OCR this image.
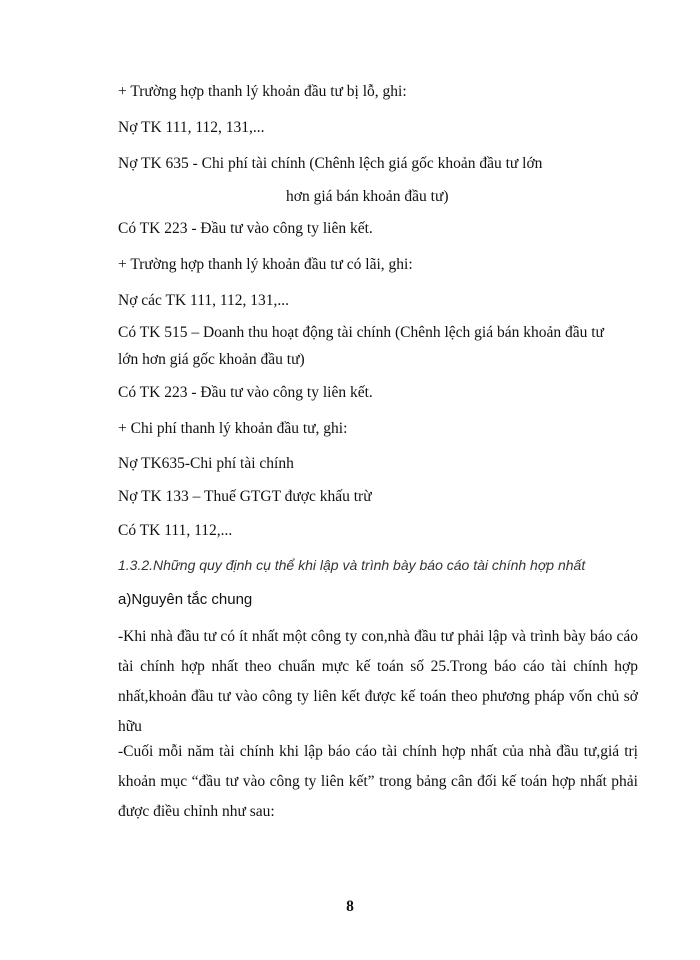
+ Trường hợp thanh lý khoản đầu tư bị lỗ, ghi:
Nợ TK 111, 112, 131,...
Nợ TK 635 - Chi phí tài chính (Chênh lệch giá gốc khoản đầu tư lớn
hơn giá bán khoản đầu tư)
Có TK 223 - Đầu tư vào công ty liên kết.
+ Trường hợp thanh lý khoản đầu tư có lãi, ghi:
Nợ các TK 111, 112, 131,...
Có TK 515 – Doanh thu hoạt động tài chính (Chênh lệch giá bán khoản đầu tư
lớn hơn giá gốc khoản đầu tư)
Có TK 223 - Đầu tư vào công ty liên kết.
+ Chi phí thanh lý khoản đầu tư, ghi:
Nợ TK635-Chi phí tài chính
Nợ TK 133 – Thuế GTGT được khấu trừ
Có TK 111, 112,...
1.3.2.Những quy định cụ thể khi lập và trình bày báo cáo tài chính hợp nhất
a)Nguyên tắc chung
-Khi nhà đầu tư có ít nhất một công ty con,nhà đầu tư phải lập và trình bày báo cáo tài chính hợp nhất theo chuẩn mực kế toán số 25.Trong báo cáo tài chính hợp nhất,khoản đầu tư vào công ty liên kết được kế toán theo phương pháp vốn chủ sở hữu
-Cuối mỗi năm tài chính khi lập báo cáo tài chính hợp nhất của nhà đầu tư,giá trị khoản mục “đầu tư vào công ty liên kết” trong bảng cân đối kế toán hợp nhất phải được điều chỉnh như sau:
8
